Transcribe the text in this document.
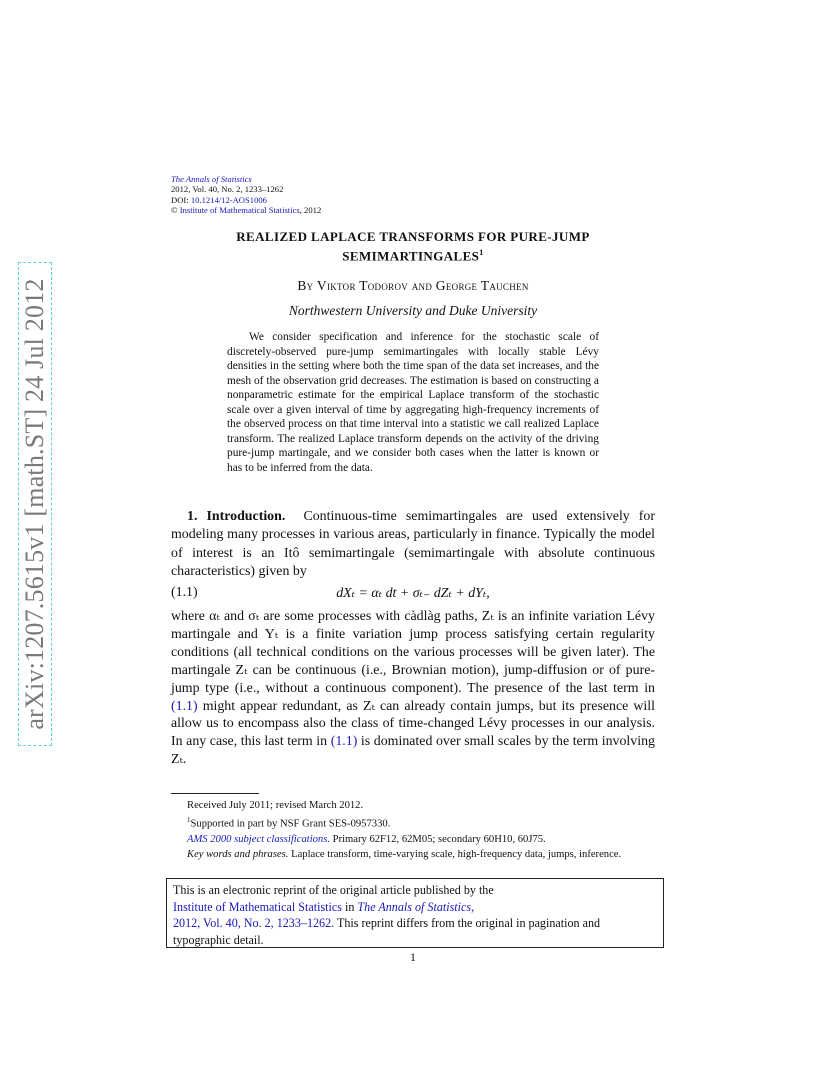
arXiv:1207.5615v1 [math.ST] 24 Jul 2012
The Annals of Statistics
2012, Vol. 40, No. 2, 1233–1262
DOI: 10.1214/12-AOS1006
© Institute of Mathematical Statistics, 2012
REALIZED LAPLACE TRANSFORMS FOR PURE-JUMP
SEMIMARTINGALES$^1$
By Viktor Todorov and George Tauchen
Northwestern University and Duke University

We consider specification and inference for the stochastic scale of discretely-observed pure-jump semimartingales with locally stable Lévy densities in the setting where both the time span of the data set increases, and the mesh of the observation grid decreases. The estimation is based on constructing a nonparametric estimate for the empirical Laplace transform of the stochastic scale over a given interval of time by aggregating high-frequency increments of the observed process on that time interval into a statistic we call realized Laplace transform. The realized Laplace transform depends on the activity of the driving pure-jump martingale, and we consider both cases when the latter is known or has to be inferred from the data.

1. Introduction. Continuous-time semimartingales are used extensively for modeling many processes in various areas, particularly in finance. Typically the model of interest is an Itô semimartingale (semimartingale with absolute continuous characteristics) given by

(1.1)	dXₜ = αₜ dt + σₜ₋ dZₜ + dYₜ,

where αₜ and σₜ are some processes with càdlàg paths, Zₜ is an infinite variation Lévy martingale and Yₜ is a finite variation jump process satisfying certain regularity conditions (all technical conditions on the various processes will be given later). The martingale Zₜ can be continuous (i.e., Brownian motion), jump-diffusion or of pure-jump type (i.e., without a continuous component). The presence of the last term in (1.1) might appear redundant, as Zₜ can already contain jumps, but its presence will allow us to encompass also the class of time-changed Lévy processes in our analysis. In any case, this last term in (1.1) is dominated over small scales by the term involving Zₜ.

Received July 2011; revised March 2012.

$^1$Supported in part by NSF Grant SES-0957330.

AMS 2000 subject classifications. Primary 62F12, 62M05; secondary 60H10, 60J75.

Key words and phrases. Laplace transform, time-varying scale, high-frequency data, jumps, inference.

This is an electronic reprint of the original article published by the
Institute of Mathematical Statistics in The Annals of Statistics,
2012, Vol. 40, No. 2, 1233–1262. This reprint differs from the original in pagination and typographic detail.
1
